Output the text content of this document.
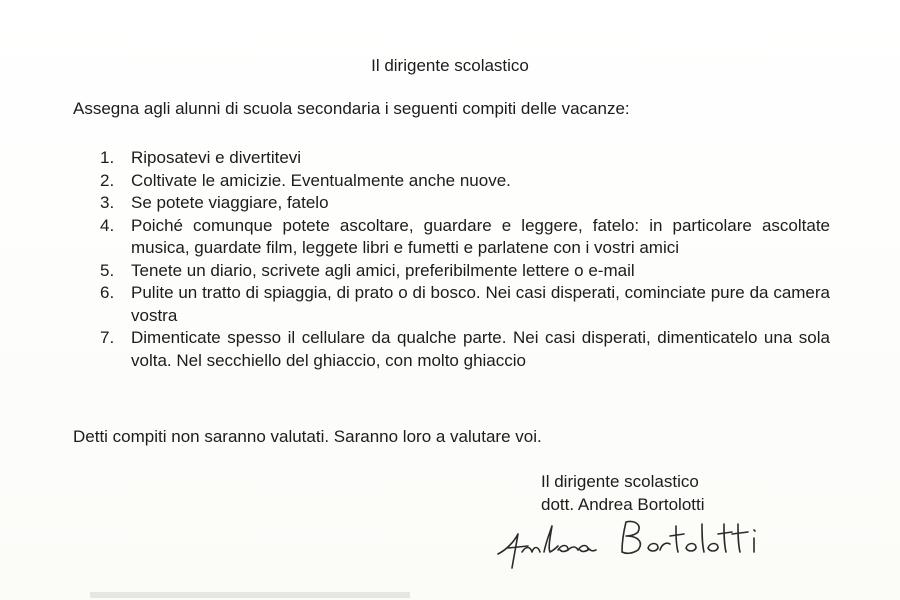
Il dirigente scolastico
Assegna agli alunni di scuola secondaria i seguenti compiti delle vacanze:
1. Riposatevi e divertitevi
2. Coltivate le amicizie. Eventualmente anche nuove.
3. Se potete viaggiare, fatelo
4. Poiché comunque potete ascoltare, guardare e leggere, fatelo: in particolare ascoltate musica, guardate film, leggete libri e fumetti e parlatene con i vostri amici
5. Tenete un diario, scrivete agli amici, preferibilmente lettere o e-mail
6. Pulite un tratto di spiaggia, di prato o di bosco. Nei casi disperati, cominciate pure da camera vostra
7. Dimenticate spesso il cellulare da qualche parte. Nei casi disperati, dimenticatelo una sola volta. Nel secchiello del ghiaccio, con molto ghiaccio
Detti compiti non saranno valutati. Saranno loro a valutare voi.
Il dirigente scolastico
dott. Andrea Bortolotti
